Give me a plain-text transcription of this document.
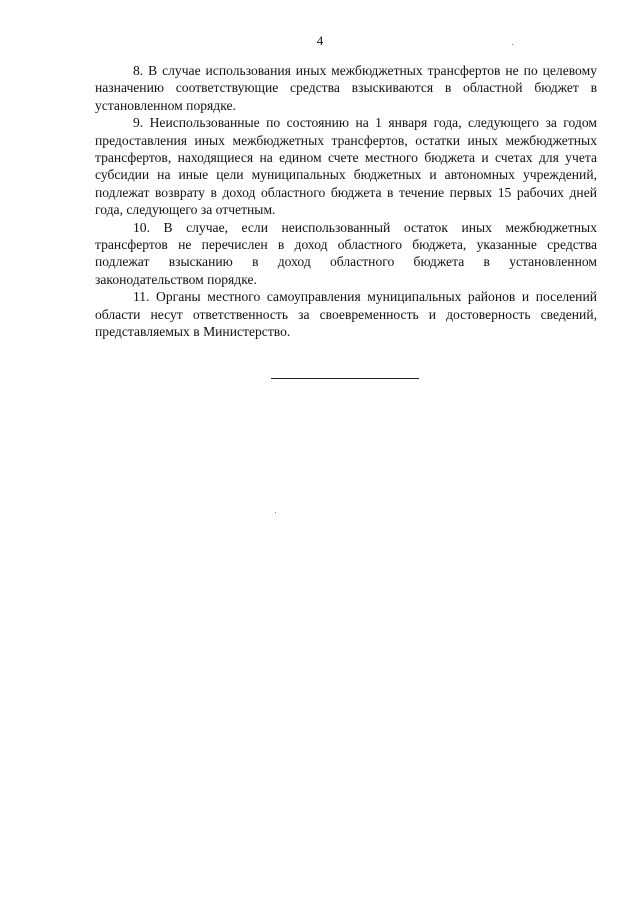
4

8. В случае использования иных межбюджетных трансфертов не по целевому назначению соответствующие средства взыскиваются в областной бюджет в установленном порядке.

9. Неиспользованные по состоянию на 1 января года, следующего за годом предоставления иных межбюджетных трансфертов, остатки иных межбюджетных трансфертов, находящиеся на едином счете местного бюджета и счетах для учета субсидии на иные цели муниципальных бюджетных и автономных учреждений, подлежат возврату в доход областного бюджета в течение первых 15 рабочих дней года, следующего за отчетным.

10. В случае, если неиспользованный остаток иных межбюджетных трансфертов не перечислен в доход областного бюджета, указанные средства подлежат взысканию в доход областного бюджета в установленном законодательством порядке.

11. Органы местного самоуправления муниципальных районов и поселений области несут ответственность за своевременность и достоверность сведений, представляемых в Министерство.
